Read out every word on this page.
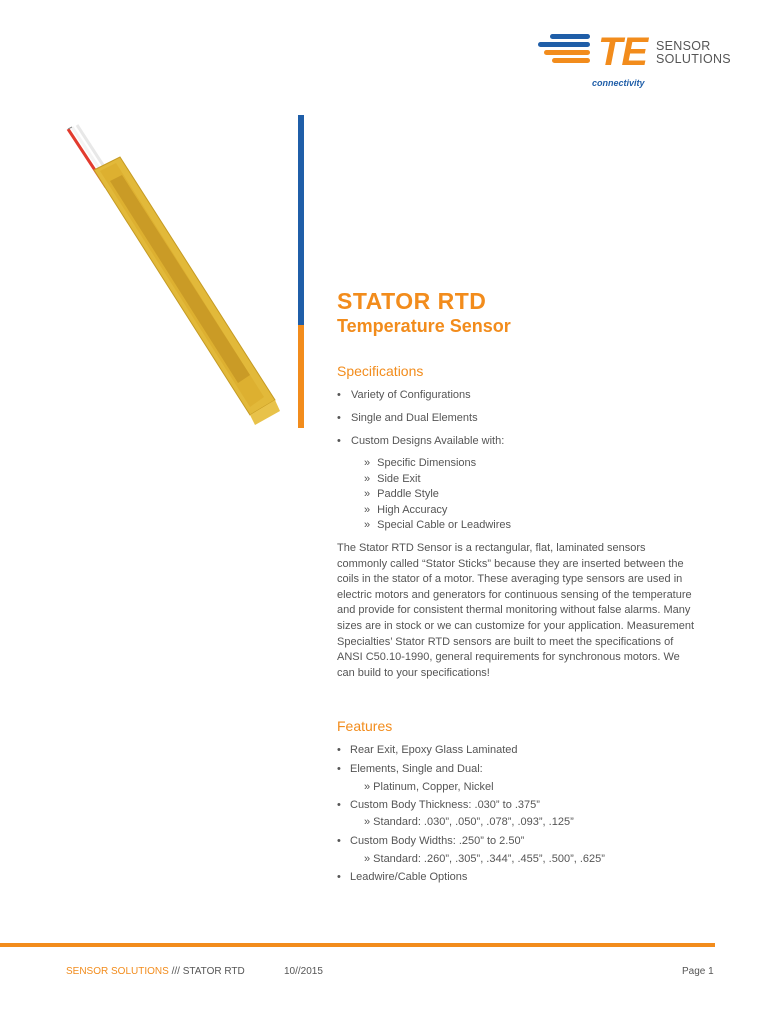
TE
connectivity
SENSOR
SOLUTIONS
STATOR RTD
Temperature Sensor
Specifications
• Variety of Configurations
• Single and Dual Elements
• Custom Designs Available with:
» Specific Dimensions
» Side Exit
» Paddle Style
» High Accuracy
» Special Cable or Leadwires

The Stator RTD Sensor is a rectangular, flat, laminated sensors commonly called “Stator Sticks” because they are inserted between the coils in the stator of a motor. These averaging type sensors are used in electric motors and generators for continuous sensing of the temperature and provide for consistent thermal monitoring without false alarms. Many sizes are in stock or we can customize for your application. Measurement Specialties’ Stator RTD sensors are built to meet the specifications of ANSI C50.10-1990, general requirements for synchronous motors. We can build to your specifications!

Features
• Rear Exit, Epoxy Glass Laminated
• Elements, Single and Dual:
» Platinum, Copper, Nickel
• Custom Body Thickness: .030” to .375”
» Standard: .030”, .050”, .078”, .093”, .125”
• Custom Body Widths: .250” to 2.50”
» Standard: .260”, .305”, .344”, .455”, .500”, .625”
• Leadwire/Cable Options
SENSOR SOLUTIONS /// STATOR RTD	10//2015	Page 1
